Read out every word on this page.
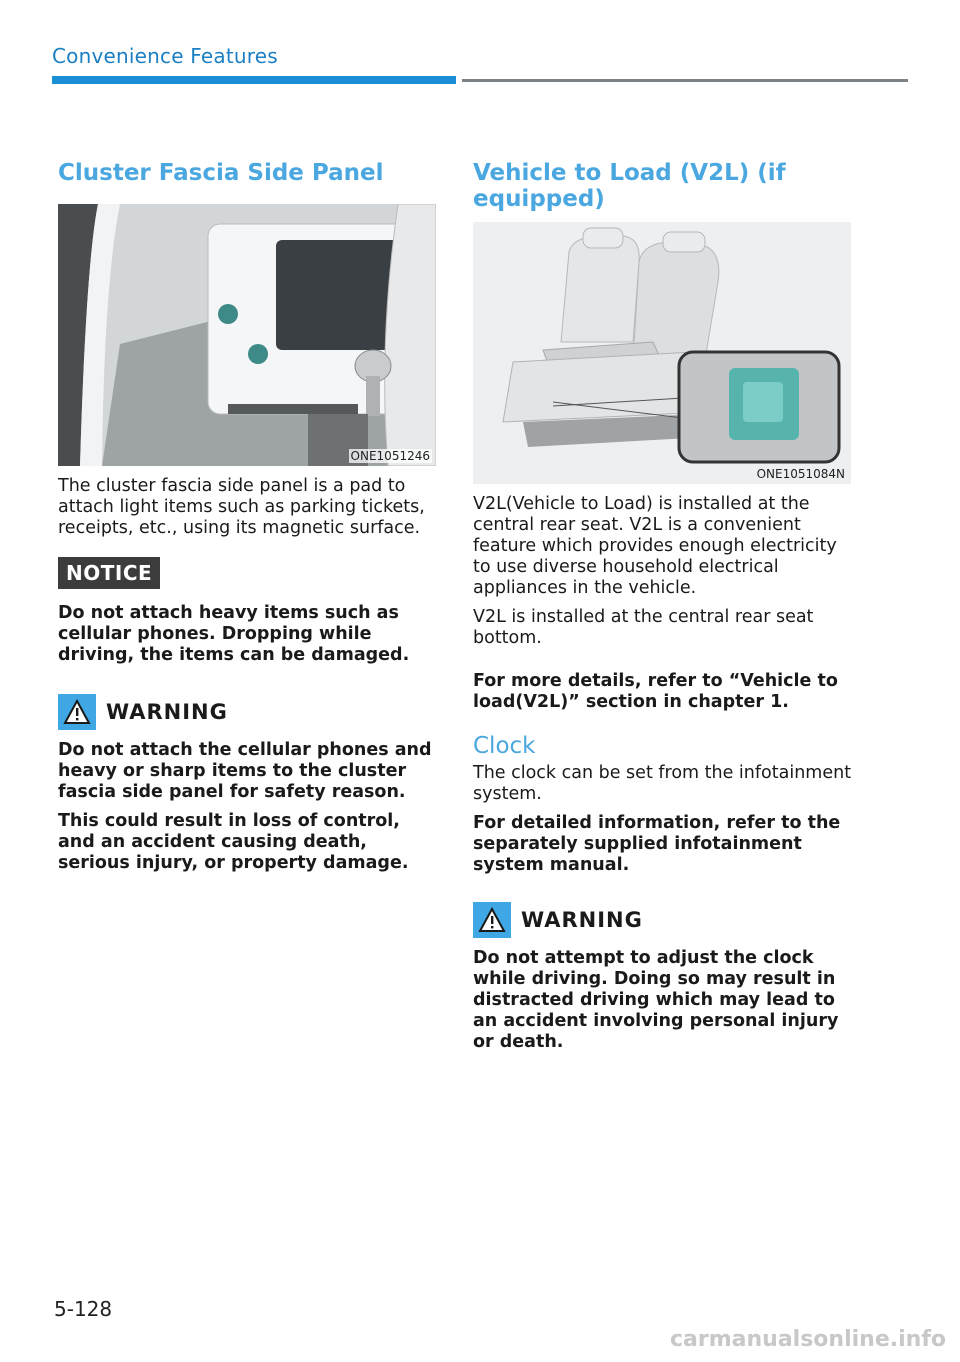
Convenience Features
Cluster Fascia Side Panel
ONE1051246

The cluster fascia side panel is a pad to attach light items such as parking tickets, receipts, etc., using its magnetic surface.

NOTICE

Do not attach heavy items such as cellular phones. Dropping while driving, the items can be damaged.

WARNING

Do not attach the cellular phones and heavy or sharp items to the cluster fascia side panel for safety reason.

This could result in loss of control, and an accident causing death, serious injury, or property damage.

Vehicle to Load (V2L) (if equipped)
ONE1051084N

V2L(Vehicle to Load) is installed at the central rear seat. V2L is a convenient feature which provides enough electricity to use diverse household electrical appliances in the vehicle.

V2L is installed at the central rear seat bottom.

For more details, refer to “Vehicle to load(V2L)” section in chapter 1.

Clock

The clock can be set from the infotainment system.

For detailed information, refer to the separately supplied infotainment system manual.

WARNING

Do not attempt to adjust the clock while driving. Doing so may result in distracted driving which may lead to an accident involving personal injury or death.

5-128
carmanualsonline.info
